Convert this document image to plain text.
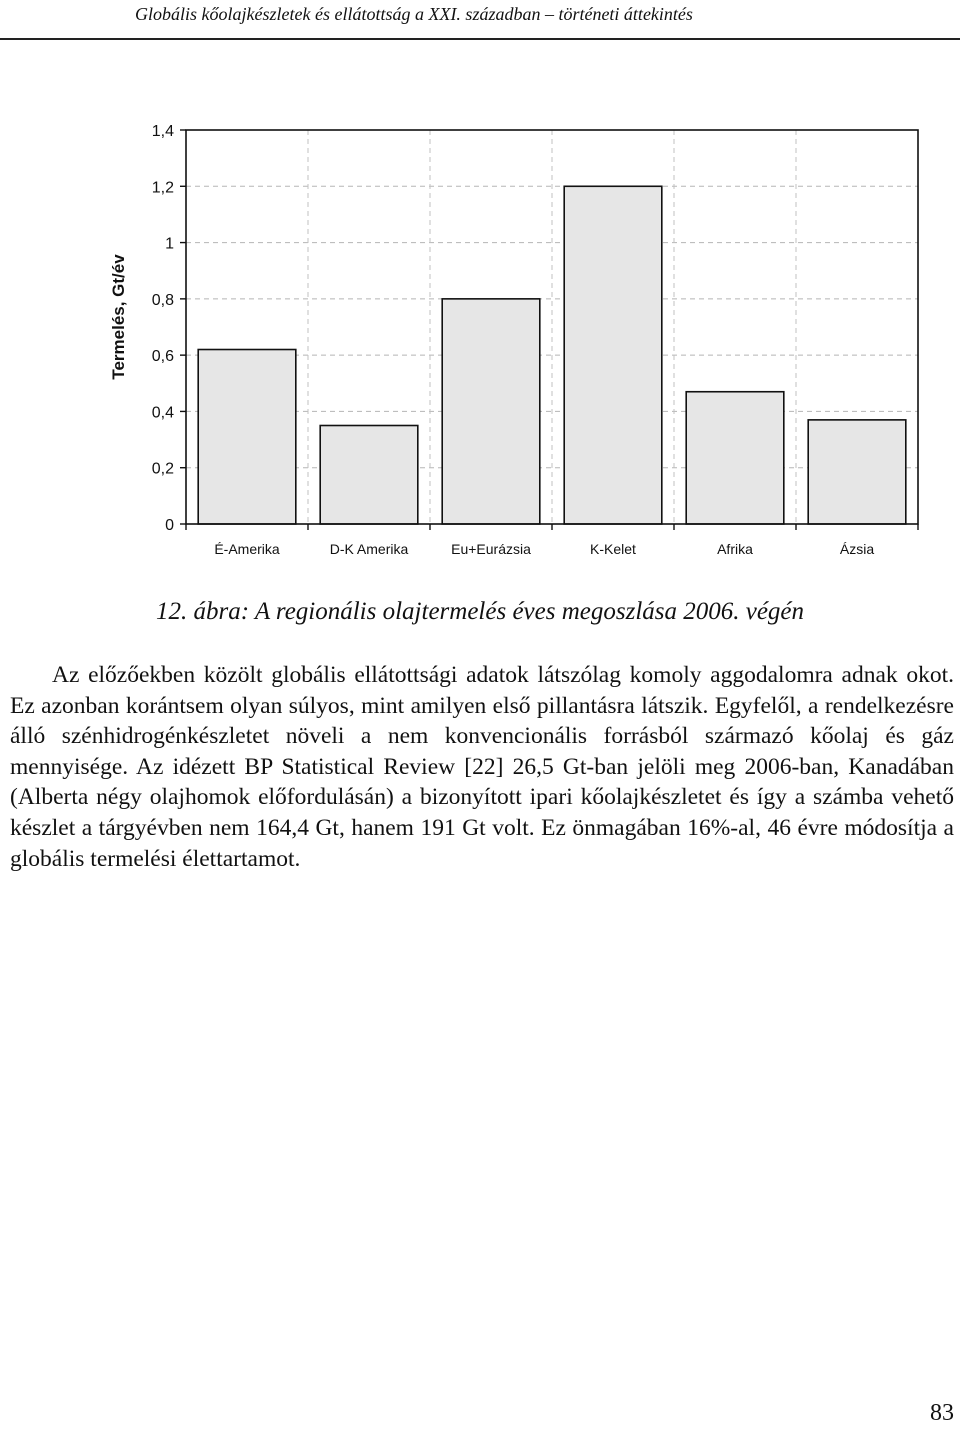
Globális kőolajkészletek és ellátottság a XXI. században – történeti áttekintés
0
0,2
0,4
0,6
0,8
1
1,2
1,4
É-Amerika	D-K Amerika	Eu+Eurázsia	K-Kelet	Afrika	Ázsia
Termelés, Gt/év
12. ábra: A regionális olajtermelés éves megoszlása 2006. végén

Az előzőekben közölt globális ellátottsági adatok látszólag komoly aggodalomra adnak okot. Ez azonban korántsem olyan súlyos, mint amilyen első pillantásra látszik. Egyfelől, a rendelkezésre álló szénhidrogénkészletet növeli a nem konvencionális forrásból származó kőolaj és gáz mennyisége. Az idézett BP Statistical Review [22] 26,5 Gt-ban jelöli meg 2006-ban, Kanadában (Alberta négy olajhomok előfordulásán) a bizonyított ipari kőolajkészletet és így a számba vehető készlet a tárgyévben nem 164,4 Gt, hanem 191 Gt volt. Ez önmagában 16%-al, 46 évre módosítja a globális termelési élettartamot.

83
